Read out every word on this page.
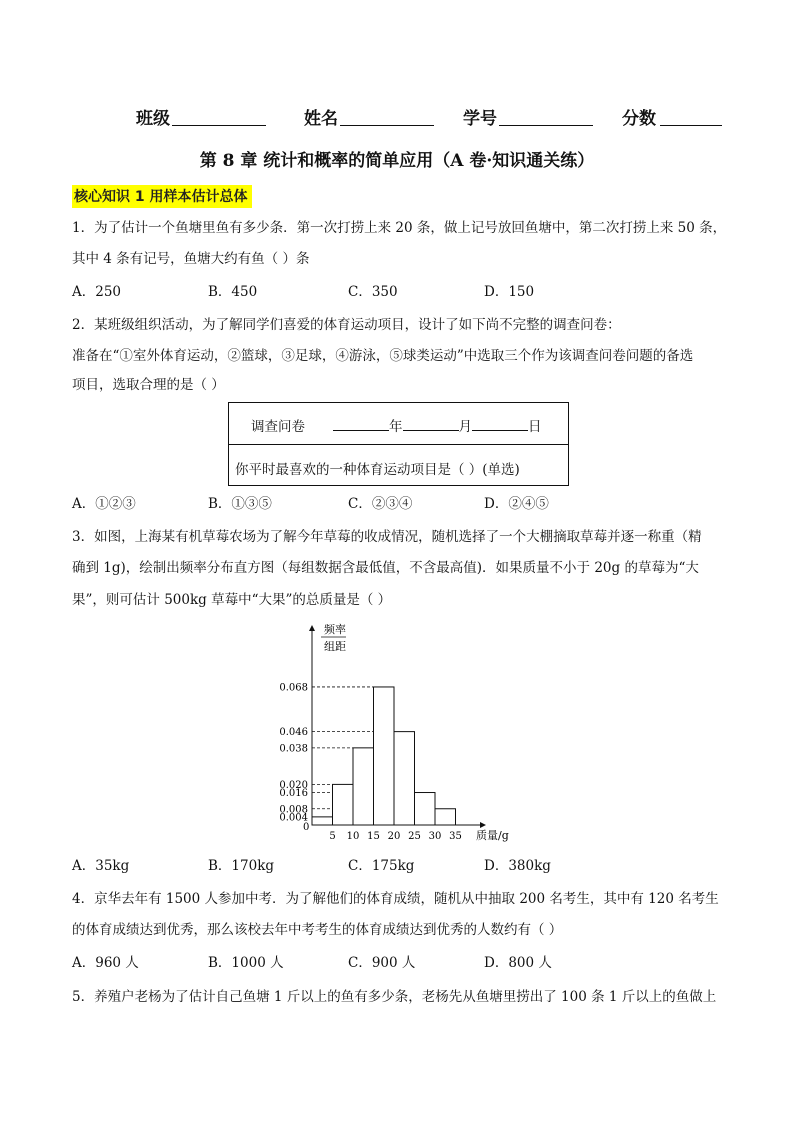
班级	姓名	学号	分数
第 8 章 统计和概率的简单应用（A 卷·知识通关练）
核心知识 1 用样本估计总体
1．为了估计一个鱼塘里鱼有多少条．第一次打捞上来 20 条，做上记号放回鱼塘中，第二次打捞上来 50 条，
其中 4 条有记号，鱼塘大约有鱼（ ）条
A．250	B．450	C．350	D．150
2．某班级组织活动，为了解同学们喜爱的体育运动项目，设计了如下尚不完整的调查问卷：
准备在“①室外体育运动，②篮球，③足球，④游泳，⑤球类运动”中选取三个作为该调查问卷问题的备选
项目，选取合理的是（ ）
调查问卷	年	月	日
你平时最喜欢的一种体育运动项目是（ ）(单选)
A．①②③	B．①③⑤	C．②③④	D．②④⑤
3．如图，上海某有机草莓农场为了解今年草莓的收成情况，随机选择了一个大棚摘取草莓并逐一称重（精
确到 1g)，绘制出频率分布直方图（每组数据含最低值，不含最高值)．如果质量不小于 20g 的草莓为“大
果”，则可估计 500kg 草莓中“大果”的总质量是（ ）
频率
组距
质量/g
0
0.068
0.046
0.038
0.020
0.016
0.008
0.004
5 10 15 20 25 30 35
A．35kg	B．170kg	C．175kg	D．380kg
4．京华去年有 1500 人参加中考．为了解他们的体育成绩，随机从中抽取 200 名考生，其中有 120 名考生
的体育成绩达到优秀，那么该校去年中考考生的体育成绩达到优秀的人数约有（ ）
A．960 人	B．1000 人	C．900 人	D．800 人
5．养殖户老杨为了估计自己鱼塘 1 斤以上的鱼有多少条，老杨先从鱼塘里捞出了 100 条 1 斤以上的鱼做上
